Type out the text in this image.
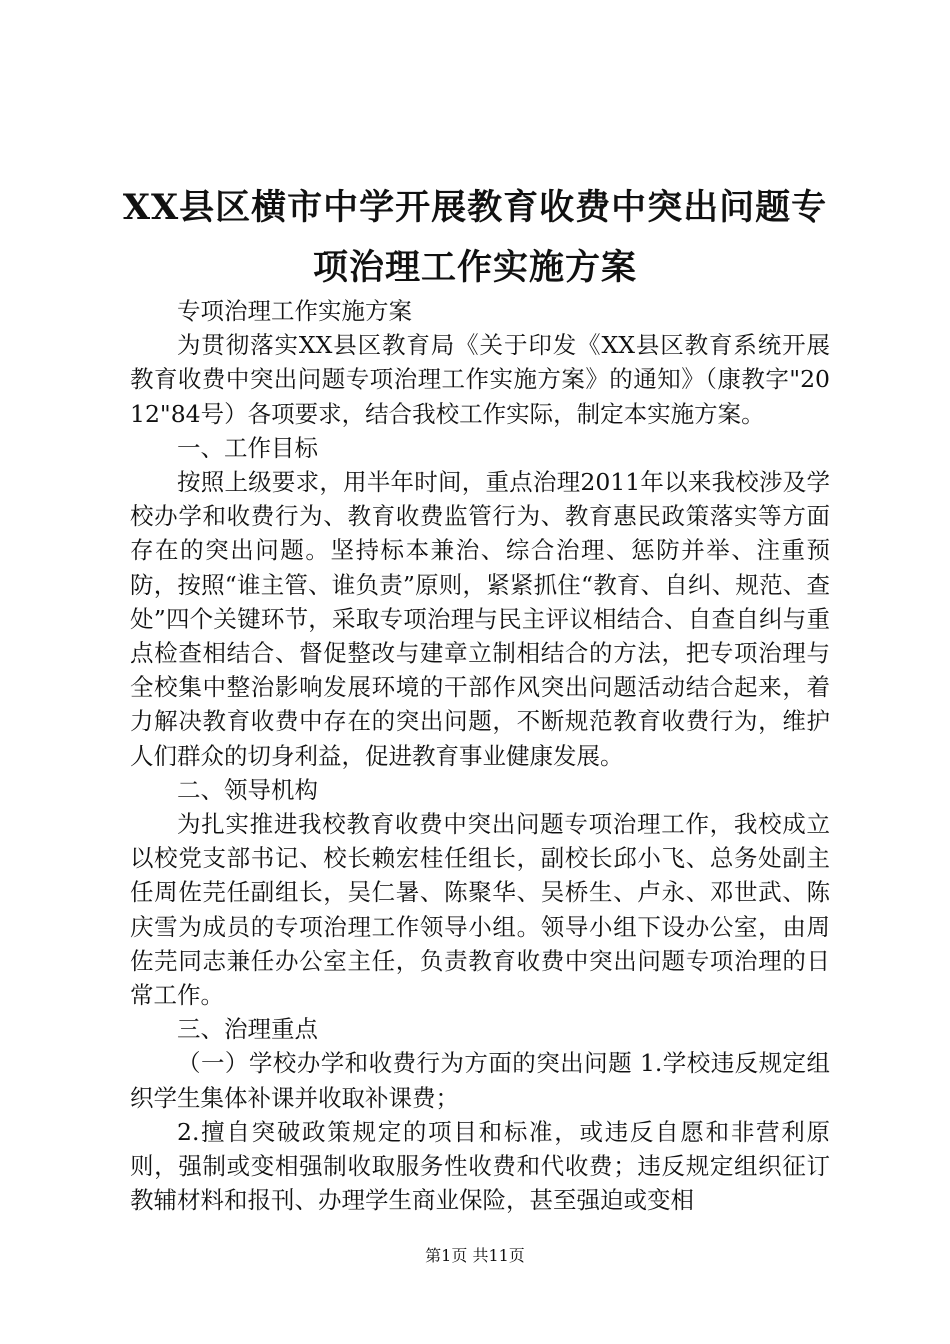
XX县区横市中学开展教育收费中突出问题专
项治理工作实施方案

专项治理工作实施方案

为贯彻落实XX县区教育局《关于印发《XX县区教育系统开展教育收费中突出问题专项治理工作实施方案》的通知》（康教字"2012"84号）各项要求，结合我校工作实际，制定本实施方案。

一、工作目标

按照上级要求，用半年时间，重点治理2011年以来我校涉及学校办学和收费行为、教育收费监管行为、教育惠民政策落实等方面存在的突出问题。坚持标本兼治、综合治理、惩防并举、注重预防，按照“谁主管、谁负责”原则，紧紧抓住“教育、自纠、规范、查处”四个关键环节，采取专项治理与民主评议相结合、自查自纠与重点检查相结合、督促整改与建章立制相结合的方法，把专项治理与全校集中整治影响发展环境的干部作风突出问题活动结合起来，着力解决教育收费中存在的突出问题，不断规范教育收费行为，维护人们群众的切身利益，促进教育事业健康发展。

二、领导机构

为扎实推进我校教育收费中突出问题专项治理工作，我校成立以校党支部书记、校长赖宏桂任组长，副校长邱小飞、总务处副主任周佐芫任副组长，吴仁暑、陈聚华、吴桥生、卢永、邓世武、陈庆雪为成员的专项治理工作领导小组。领导小组下设办公室，由周佐芫同志兼任办公室主任，负责教育收费中突出问题专项治理的日常工作。

三、治理重点

（一）学校办学和收费行为方面的突出问题 1.学校违反规定组织学生集体补课并收取补课费；

2.擅自突破政策规定的项目和标准，或违反自愿和非营利原则，强制或变相强制收取服务性收费和代收费；违反规定组织征订教辅材料和报刊、办理学生商业保险，甚至强迫或变相

第1页 共11页
